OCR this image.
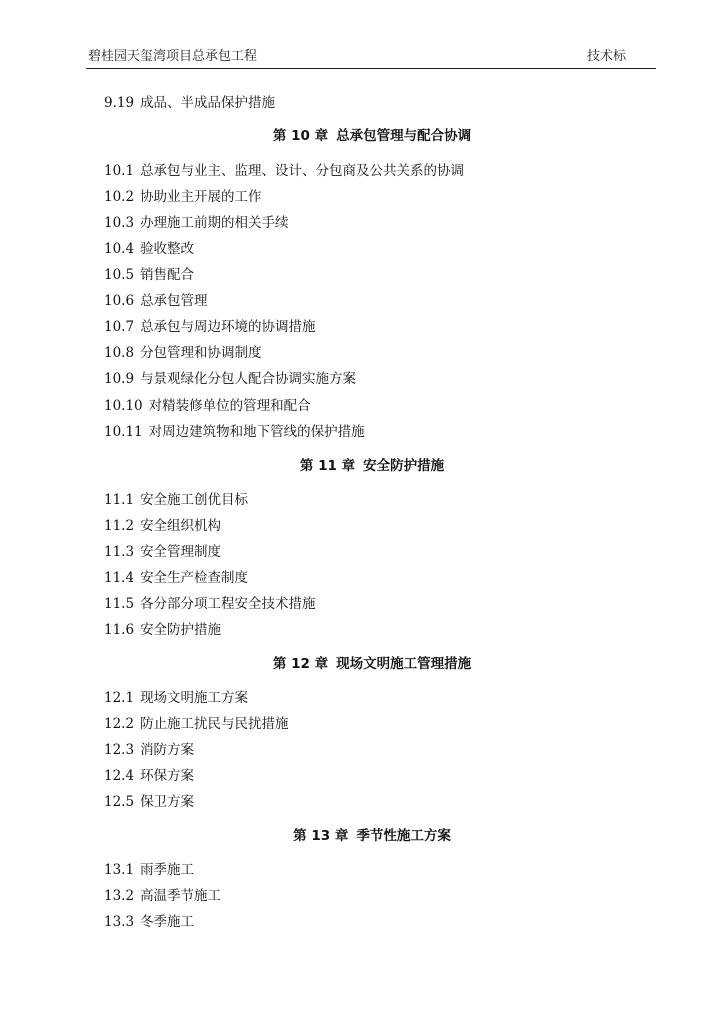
碧桂园天玺湾项目总承包工程	技术标
9.19 成品、半成品保护措施
第 10 章 总承包管理与配合协调
10.1 总承包与业主、监理、设计、分包商及公共关系的协调
10.2 协助业主开展的工作
10.3 办理施工前期的相关手续
10.4 验收整改
10.5 销售配合
10.6 总承包管理
10.7 总承包与周边环境的协调措施
10.8 分包管理和协调制度
10.9 与景观绿化分包人配合协调实施方案
10.10 对精装修单位的管理和配合
10.11 对周边建筑物和地下管线的保护措施
第 11 章 安全防护措施
11.1 安全施工创优目标
11.2 安全组织机构
11.3 安全管理制度
11.4 安全生产检查制度
11.5 各分部分项工程安全技术措施
11.6 安全防护措施
第 12 章 现场文明施工管理措施
12.1 现场文明施工方案
12.2 防止施工扰民与民扰措施
12.3 消防方案
12.4 环保方案
12.5 保卫方案
第 13 章 季节性施工方案
13.1 雨季施工
13.2 高温季节施工
13.3 冬季施工
